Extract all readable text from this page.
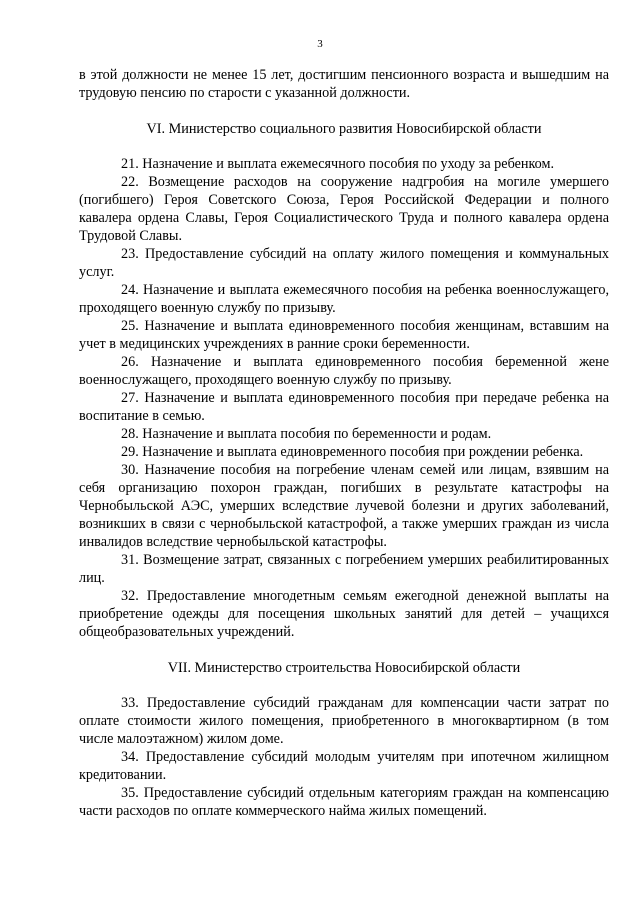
3

в этой должности не менее 15 лет, достигшим пенсионного возраста и вышедшим на трудовую пенсию по старости с указанной должности.

VI. Министерство социального развития Новосибирской области

21. Назначение и выплата ежемесячного пособия по уходу за ребенком.

22. Возмещение расходов на сооружение надгробия на могиле умершего (погибшего) Героя Советского Союза, Героя Российской Федерации и полного кавалера ордена Славы, Героя Социалистического Труда и полного кавалера ордена Трудовой Славы.

23. Предоставление субсидий на оплату жилого помещения и коммунальных услуг.

24. Назначение и выплата ежемесячного пособия на ребенка военнослужащего, проходящего военную службу по призыву.

25. Назначение и выплата единовременного пособия женщинам, вставшим на учет в медицинских учреждениях в ранние сроки беременности.

26. Назначение и выплата единовременного пособия беременной жене военнослужащего, проходящего военную службу по призыву.

27. Назначение и выплата единовременного пособия при передаче ребенка на воспитание в семью.

28. Назначение и выплата пособия по беременности и родам.

29. Назначение и выплата единовременного пособия при рождении ребенка.

30. Назначение пособия на погребение членам семей или лицам, взявшим на себя организацию похорон граждан, погибших в результате катастрофы на Чернобыльской АЭС, умерших вследствие лучевой болезни и других заболеваний, возникших в связи с чернобыльской катастрофой, а также умерших граждан из числа инвалидов вследствие чернобыльской катастрофы.

31. Возмещение затрат, связанных с погребением умерших реабилитированных лиц.

32. Предоставление многодетным семьям ежегодной денежной выплаты на приобретение одежды для посещения школьных занятий для детей – учащихся общеобразовательных учреждений.

VII. Министерство строительства Новосибирской области

33. Предоставление субсидий гражданам для компенсации части затрат по оплате стоимости жилого помещения, приобретенного в многоквартирном (в том числе малоэтажном) жилом доме.

34. Предоставление субсидий молодым учителям при ипотечном жилищном кредитовании.

35. Предоставление субсидий отдельным категориям граждан на компенсацию части расходов по оплате коммерческого найма жилых помещений.
